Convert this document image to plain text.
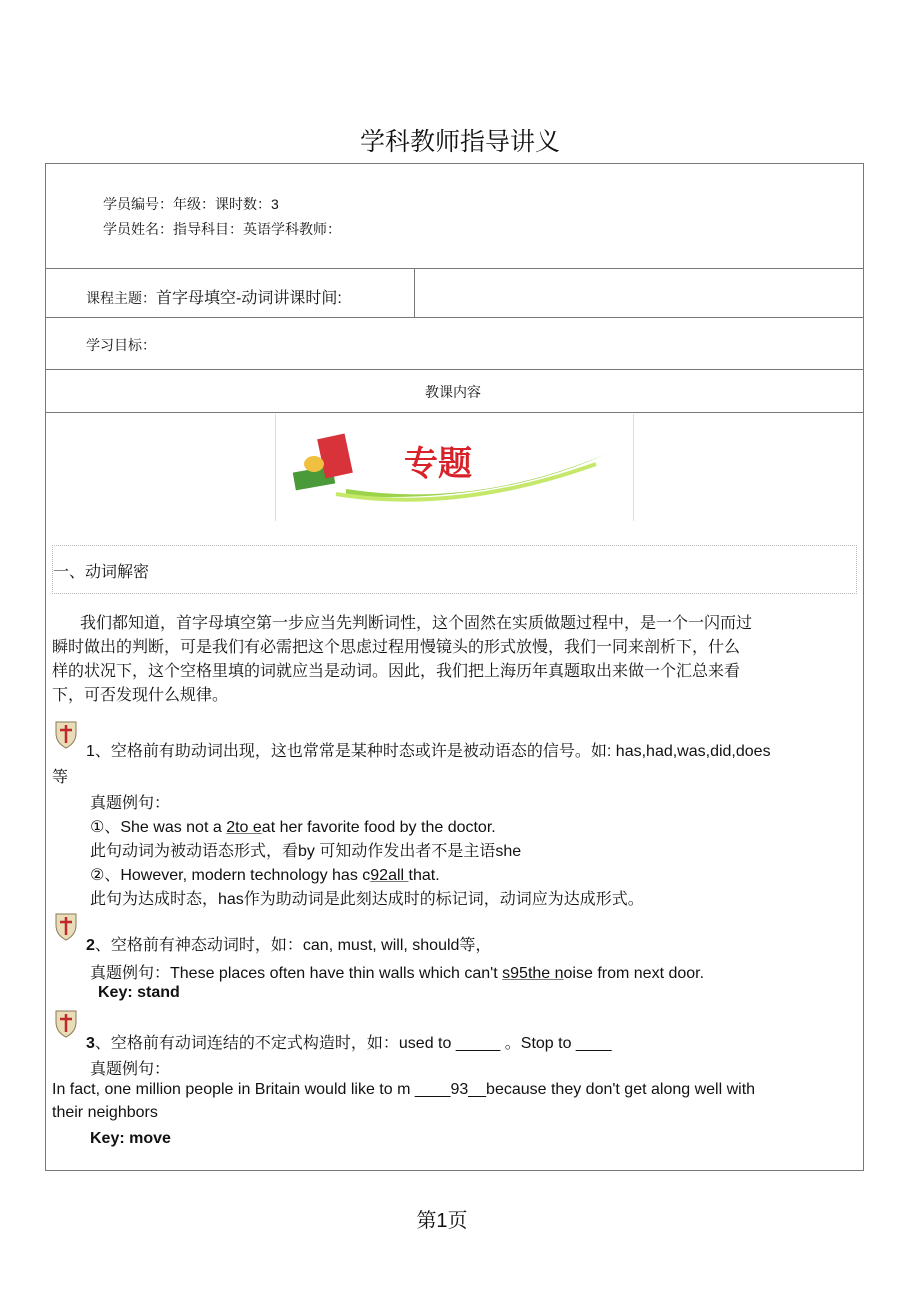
学科教师指导讲义
学员编号：年级：课时数：3
学员姓名：指导科目：英语学科教师：
课程主题：首字母填空-动词讲课时间:
学习目标：
教课内容
专题
一、动词解密
我们都知道，首字母填空第一步应当先判断词性，这个固然在实质做题过程中，是一个一闪而过
瞬时做出的判断，可是我们有必需把这个思虑过程用慢镜头的形式放慢，我们一同来剖析下，什么
样的状况下，这个空格里填的词就应当是动词。因此，我们把上海历年真题取出来做一个汇总来看
下，可否发现什么规律。
1、空格前有助动词出现，这也常常是某种时态或许是被动语态的信号。如: has,had,was,did,does
等
真题例句：
①、She was not a 2to eat her favorite food by the doctor.
此句动词为被动语态形式，看by 可知动作发出者不是主语she
②、However, modern technology has c92all that.
此句为达成时态，has作为助动词是此刻达成时的标记词，动词应为达成形式。
2、空格前有神态动词时，如：can, must, will, should等，
真题例句：These places often have thin walls which can't s95the noise from next door.
Key: stand
3、空格前有动词连结的不定式构造时，如：used to _____ 。Stop to ____
真题例句：
In fact, one million people in Britain would like to m ____93__because they don't get along well with
their neighbors
Key: move
第1页
